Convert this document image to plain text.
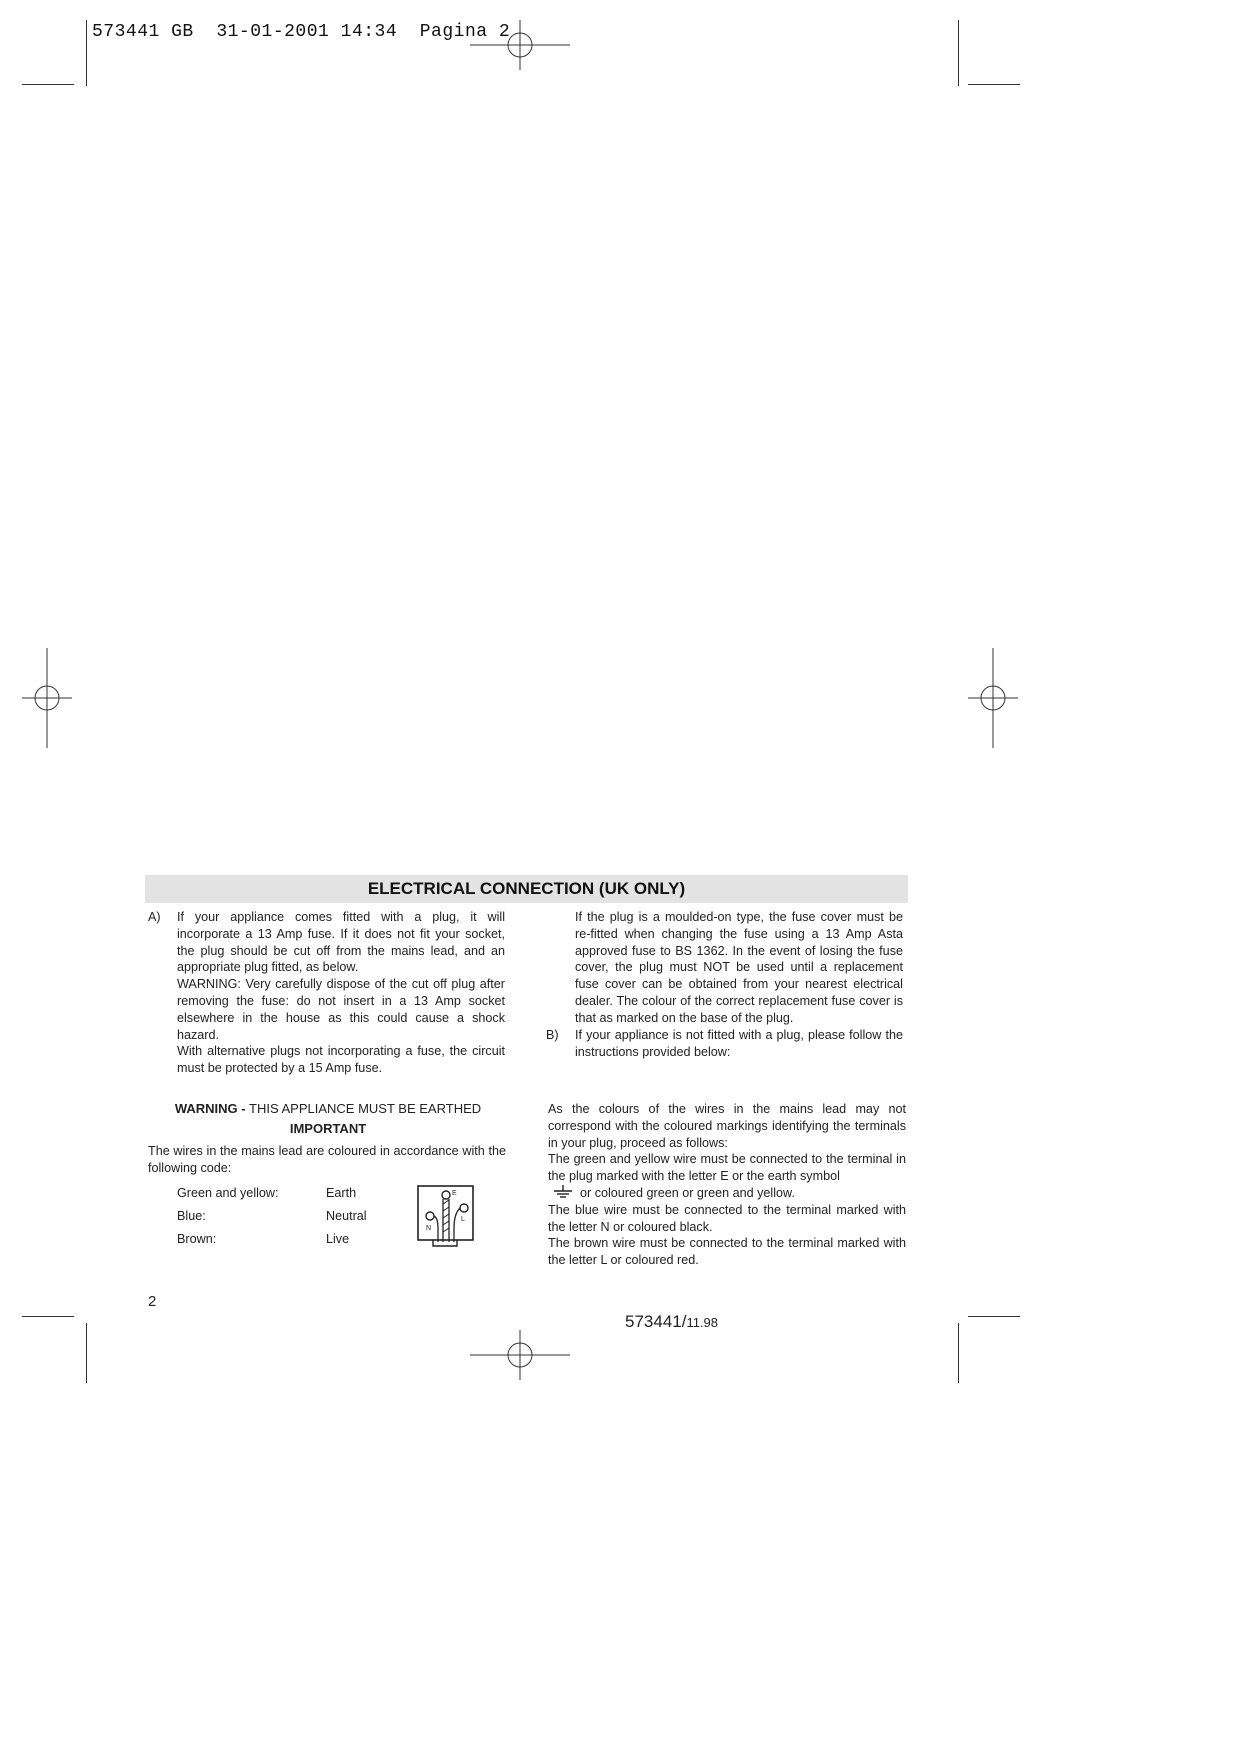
573441 GB  31-01-2001 14:34  Pagina 2
ELECTRICAL CONNECTION (UK ONLY)
A) If your appliance comes fitted with a plug, it will incorporate a 13 Amp fuse. If it does not fit your socket, the plug should be cut off from the mains lead, and an appropriate plug fitted, as below.
WARNING: Very carefully dispose of the cut off plug after removing the fuse: do not insert in a 13 Amp socket elsewhere in the house as this could cause a shock hazard.
With alternative plugs not incorporating a fuse, the circuit must be protected by a 15 Amp fuse.
If the plug is a moulded-on type, the fuse cover must be re-fitted when changing the fuse using a 13 Amp Asta approved fuse to BS 1362. In the event of losing the fuse cover, the plug must NOT be used until a replacement fuse cover can be obtained from your nearest electrical dealer. The colour of the correct replacement fuse cover is that as marked on the base of the plug.
B) If your appliance is not fitted with a plug, please follow the instructions provided below:
WARNING - THIS APPLIANCE MUST BE EARTHED
IMPORTANT
The wires in the mains lead are coloured in accordance with the following code:
Green and yellow:	Earth
Blue:	Neutral
Brown:	Live
E
N
L
As the colours of the wires in the mains lead may not correspond with the coloured markings identifying the terminals in your plug, proceed as follows:
The green and yellow wire must be connected to the terminal in the plug marked with the letter E or the earth symbol
or coloured green or green and yellow.
The blue wire must be connected to the terminal marked with the letter N or coloured black.
The brown wire must be connected to the terminal marked with the letter L or coloured red.
2
573441/11.98
